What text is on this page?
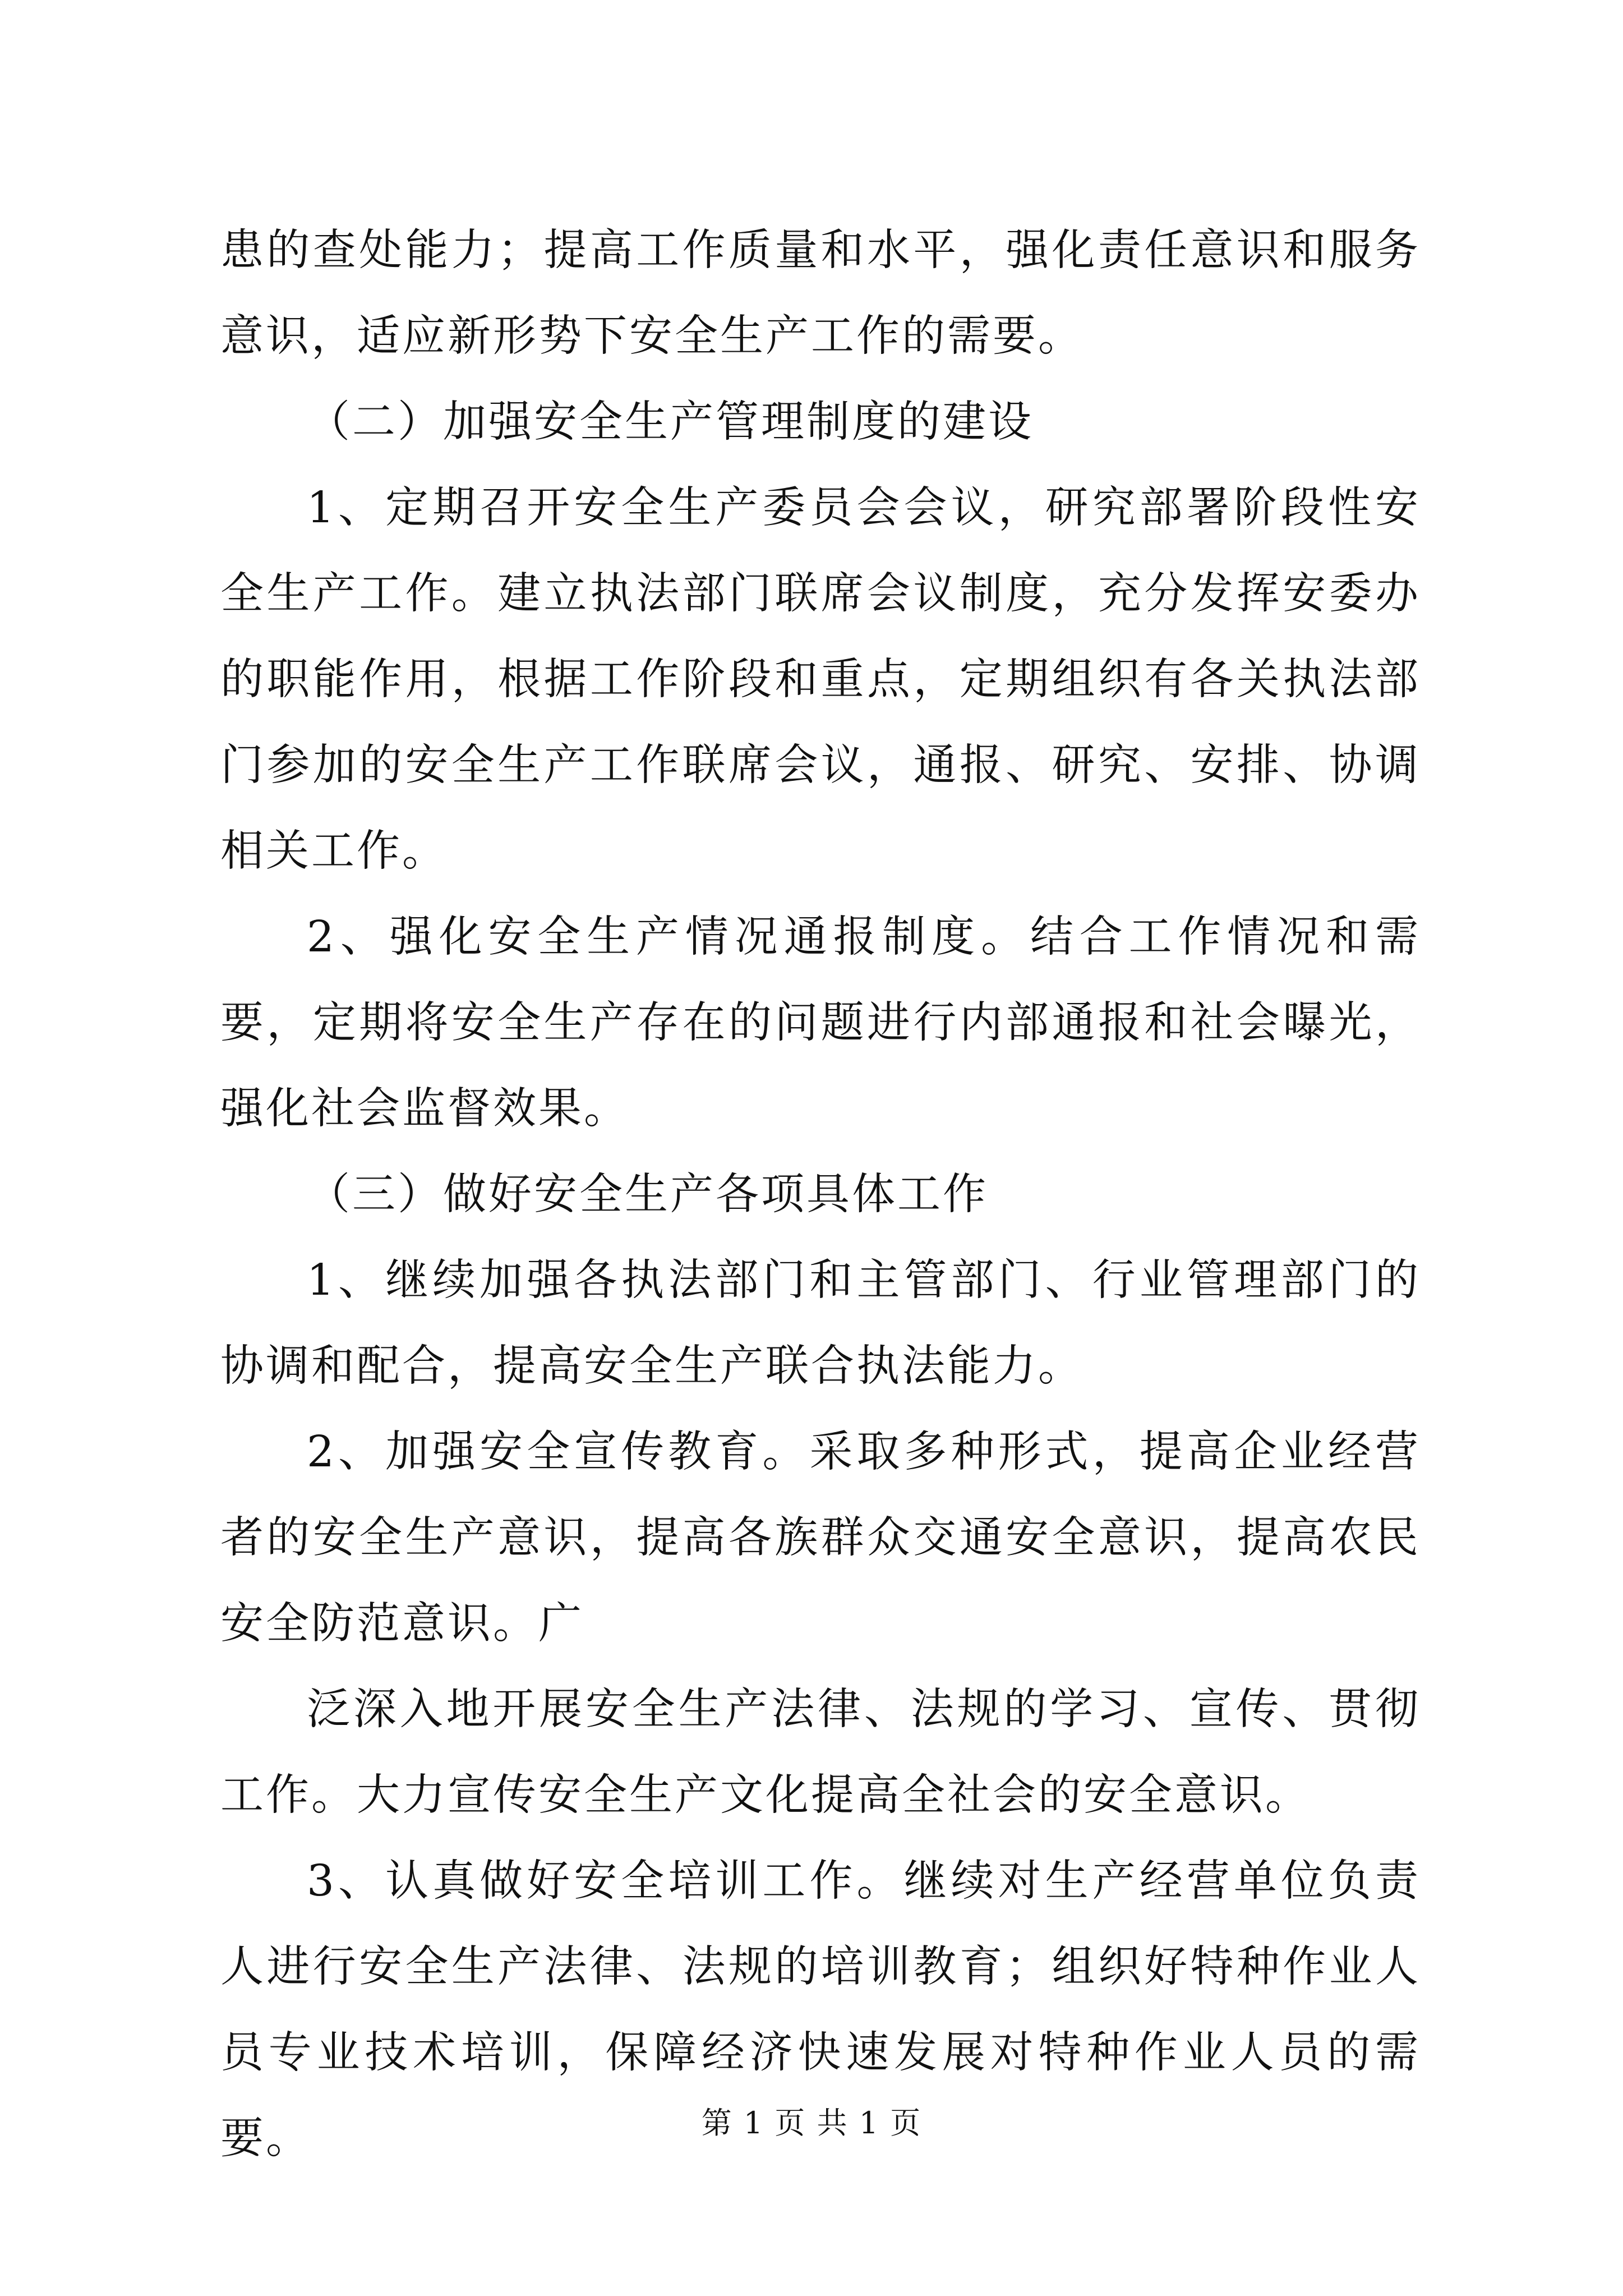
患的查处能力；提高工作质量和水平，强化责任意识和服务意识，适应新形势下安全生产工作的需要。

（二）加强安全生产管理制度的建设

1、定期召开安全生产委员会会议，研究部署阶段性安全生产工作。建立执法部门联席会议制度，充分发挥安委办的职能作用，根据工作阶段和重点，定期组织有各关执法部门参加的安全生产工作联席会议，通报、研究、安排、协调相关工作。

2、强化安全生产情况通报制度。结合工作情况和需要，定期将安全生产存在的问题进行内部通报和社会曝光，强化社会监督效果。

（三）做好安全生产各项具体工作

1、继续加强各执法部门和主管部门、行业管理部门的协调和配合，提高安全生产联合执法能力。

2、加强安全宣传教育。采取多种形式，提高企业经营者的安全生产意识，提高各族群众交通安全意识，提高农民安全防范意识。广

泛深入地开展安全生产法律、法规的学习、宣传、贯彻工作。大力宣传安全生产文化提高全社会的安全意识。

3、认真做好安全培训工作。继续对生产经营单位负责人进行安全生产法律、法规的培训教育；组织好特种作业人员专业技术培训，保障经济快速发展对特种作业人员的需要。	第 1 页 共 1 页
